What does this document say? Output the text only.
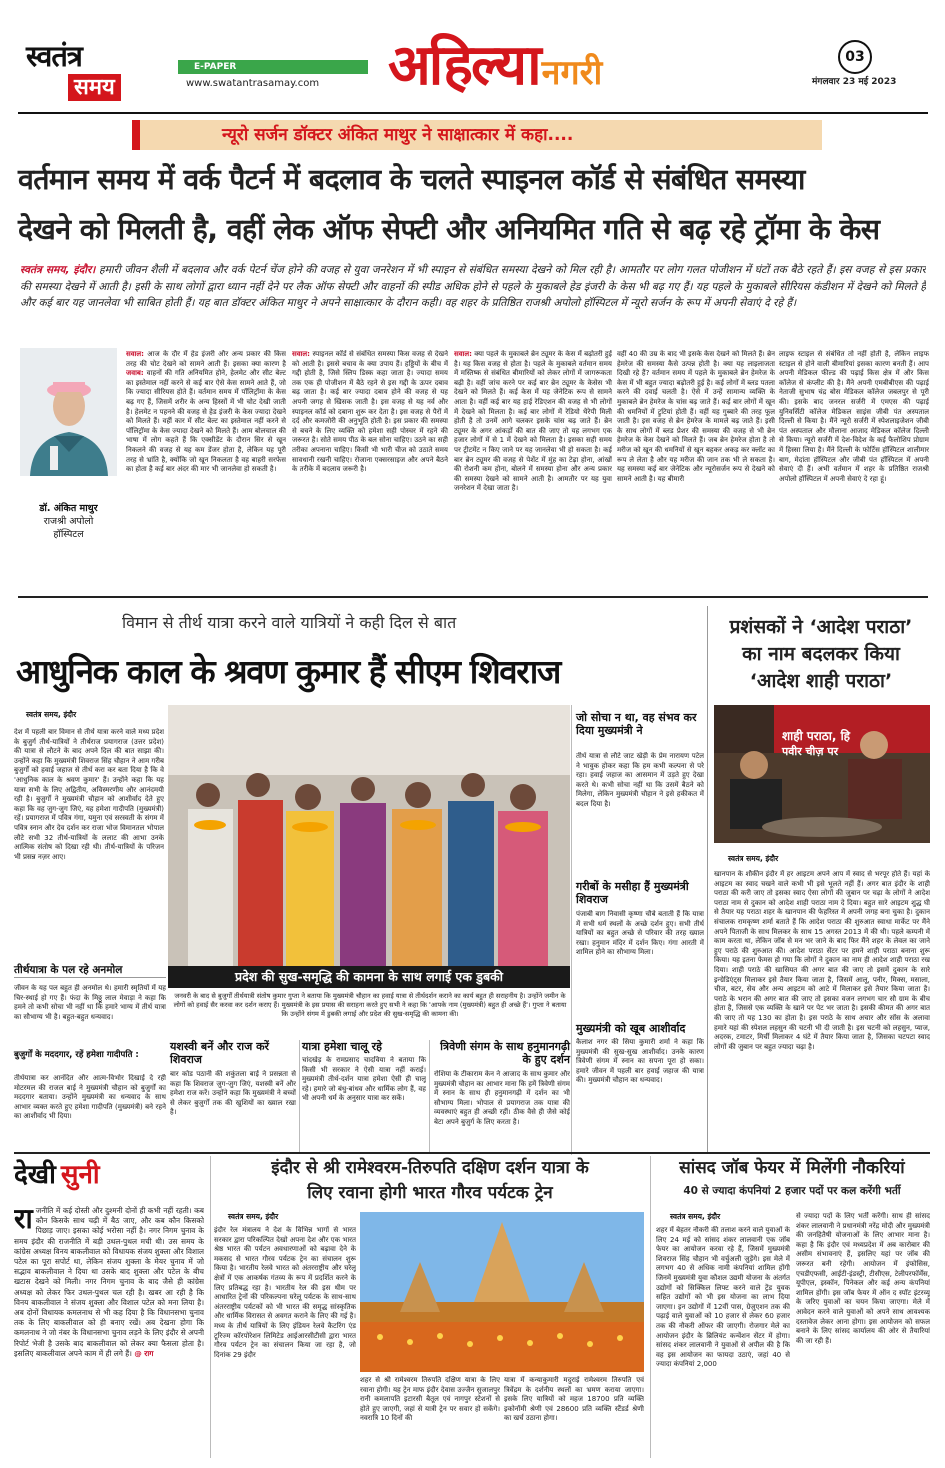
स्वतंत्र
समय
E-PAPER
www.swatantrasamay.com अहिल्यानगरी	03
मंगलवार 23 मई 2023
न्यूरो सर्जन डॉक्टर अंकित माथुर ने साक्षात्कार में कहा....
वर्तमान समय में वर्क पैटर्न में बदलाव के चलते स्पाइनल कॉर्ड से संबंधित समस्या
देखने को मिलती है, वहीं लेक ऑफ सेफ्टी और अनियमित गति से बढ़ रहे ट्रॉमा के केस
स्वतंत्र समय, इंदौर। हमारी जीवन शैली में बदलाव और वर्क पेटर्न चेंज होने की वजह से युवा जनरेशन में भी स्पाइन से संबंधित समस्या देखने को मिल रही है। आमतौर पर लोग गलत पोजीशन में घंटों तक बैठे रहते हैं। इस वजह से इस प्रकार की समस्या देखने में आती है। इसी के साथ लोगों द्वारा ध्यान नहीं देने पर लैक ऑफ सेफ्टी और वाहनों की स्पीड अधिक होने से पहले के मुकाबले हेड इंजरी के केस भी बढ़ गए हैं। यह पहले के मुकाबले सीरियस कंडीशन में देखने को मिलते हैं और कई बार यह जानलेवा भी साबित होती हैं। यह बात डॉक्टर अंकित माथुर ने अपने साक्षात्कार के दौरान कही। वह शहर के प्रतिष्ठित राजश्री अपोलो हॉस्पिटल में न्यूरो सर्जन के रूप में अपनी सेवाएं दे रहे हैं।
डॉ. अंकित माथुर
राजश्री अपोलो
हॉस्पिटल
सवाल: आज के दौर में हेड इंजरी और अन्य प्रकार की किस तरह की चोट देखने को सामने आती हैं। इसका क्या कारण है जवाब: वाहनों की गति अनियमित होने, हेलमेट और सीट बेल्ट का इस्तेमाल नहीं करने से कई बार ऐसे केस सामने आते हैं, जो कि ज्यादा सीरियस होते हैं। वर्तमान समय में पॉलिट्रॉमा के केस बढ़ गए हैं, जिसमें शरीर के अन्य हिस्सों में भी चोट देखी जाती है। हेलमेट न पहनने की वजह से हेड इंजरी के केस ज्यादा देखने को मिलते हैं। वहीं कार में सीट बेल्ट का इस्तेमाल नहीं करने से पॉलिट्रॉमा के केस ज्यादा देखने को मिलते हैं। आम बोलचाल की भाषा में लोग कहते हैं कि एक्सीडेंट के दौरान सिर से खून निकलने की वजह से यह कम डेंजर होता है, लेकिन यह पूरी तरह से भ्रांति है, क्योंकि जो खून निकलता है वह बाहरी सरफेस का होता है कई बार अंदर की मार भी जानलेवा हो सकती है।
सवाल: स्पाइनल कॉर्ड से संबंधित समस्या किस वजह से देखने को आती है। इससे बचाव के क्या उपाय हैं। हड्डियों के बीच में गद्दी होती है, जिसे स्लिप डिस्क कहा जाता है। ज्यादा समय तक एक ही पोजीशन में बैठे रहने से इस गद्दी के ऊपर दबाव बढ़ जाता है। कई बार ज्यादा दबाव होने की वजह से यह अपनी जगह से खिसक जाती है। इस वजह से यह नर्व और स्पाइनल कॉर्ड को दबाना शुरू कर देता है। इस वजह से पैरों में दर्द और कमजोरी की अनुभूति होती है। इस प्रकार की समस्या से बचने के लिए व्यक्ति को हमेशा सही पोस्चर में रहने की जरूरत है। सोते समय पीठ के बल सोना चाहिए। उठने का सही तरीका अपनाना चाहिए। किसी भी भारी चीज को उठाते समय सावधानी रखनी चाहिए। रोजाना एक्सरसाइज और अपने बैठने के तरीके में बदलाव जरूरी है।
सवाल: क्या पहले के मुकाबले ब्रेन ट्यूमर के केस में बढ़ोतरी हुई है। यह किस वजह से होता है। पहले के मुकाबले वर्तमान समय में मस्तिष्क से संबंधित बीमारियों को लेकर लोगों में जागरूकता बढ़ी है। वहीं जांच करने पर कई बार ब्रेन ट्यूमर के केसेस भी देखने को मिलते हैं। कई केस में यह जेनेटिक रूप से सामने आता है। वहीं कई बार यह हाई रेडिएशन की वजह से भी लोगों में देखने को मिलता है। कई बार लोगों में रेडियो थैरेपी मिली होती है तो उनमें आगे चलकर इसके चांस बढ़ जाते हैं। ब्रेन ट्यूमर के अगर आंकड़ों की बात की जाए तो यह लगभग एक हजार लोगों में से 1 में देखने को मिलता है। इसका सही समय पर ट्रीटमेंट न किए जाने पर यह जानलेवा भी हो सकता है। कई बार ब्रेन ट्यूमर की वजह से पेशेंट में मुंह का टेढ़ा होना, आंखों की रोशनी कम होना, बोलने में समस्या होना और अन्य प्रकार की समस्या देखने को सामने आती है। आमतौर पर यह युवा जनरेशन में देखा जाता है।
वहीं 40 की उम्र के बाद भी इसके केस देखने को मिलते हैं। ब्रेन हेमरेज की समस्या कैसे उत्पन्न होती है। क्या यह लाइलाजता दिखी रहे हैं? वर्तमान समय में पहले के मुकाबले ब्रेन हेमरेज के केस में भी बहुत ज्यादा बढ़ोतरी हुई है। कई लोगों में ब्लड पतला करने की दवाई चलती है। ऐसे में उन्हें सामान्य व्यक्ति के मुकाबले ब्रेन हेमरेज के चांस बढ़ जाते हैं। कई बार लोगों में खून की धमनियों में ट्रुटियां होती हैं। वहीं यह गुब्बारे की तरह फूल जाती है। इस वजह से ब्रेन हेमरेज के मामले बढ़ जाते हैं। इसी के साथ लोगों में ब्लड प्रेशर की समस्या की वजह से भी ब्रेन हेमरेज के केस देखने को मिलते हैं। जब ब्रेन हेमरेज होता है तो मरीज को खून की धमनियों से खून बहकर अकड़ कर क्लॉट का रूप ले लेता है और यह मरीज की जान तक भी ले सकता है। यह समस्या कई बार जेनेटिक और न्यूरोसर्जन रूप से देखने को सामने आती है। यह बीमारी
लाइफ स्टाइल से संबंधित तो नहीं होती है, लेकिन लाइफ स्टाइल से होने वाली बीमारियां इसका कारण बनती हैं। आप अपनी मेडिकल फील्ड की पढ़ाई किस क्षेत्र में और किस कॉलेज से कंप्लीट की है। मैंने अपनी एमबीबीएस की पढ़ाई नेताजी सुभाष चंद्र बोस मेडिकल कॉलेज जबलपुर से पूरी की। इसके बाद जनरल सर्जरी में एमएस की पढ़ाई युनिवर्सिटी कॉलेज मेडिकल साइंस जीबी पंत अस्पताल दिल्ली से किया है। मैंने न्यूरो सर्जरी में स्पेशलाइजेशन जीबी पंत अस्पताल और मौलाना आजाद मेडिकल कॉलेज दिल्ली से किया। न्यूरो सर्जरी में देश-विदेश के कई फैलोशिप प्रोग्राम में हिस्सा लिया है। मैंने दिल्ली के फोर्टिस हॉस्पिटल शालीमार बाग, मेदांता हॉस्पिटल और जीबी पंत हॉस्पिटल में अपनी सेवाएं दी हैं। अभी वर्तमान में शहर के प्रतिष्ठित राजश्री अपोलो हॉस्पिटल में अपनी सेवाएं दे रहा हूं।
विमान से तीर्थ यात्रा करने वाले यात्रियों ने कही दिल से बात
आधुनिक काल के श्रवण कुमार हैं सीएम शिवराज
स्वतंत्र समय, इंदौर
देश में पहली बार विमान से तीर्थ यात्रा करने वाले मध्य प्रदेश के बुजुर्ग तीर्थ-यात्रियों ने तीर्थराज प्रयागराज (उत्तर प्रदेश) की यात्रा से लौटने के बाद अपने दिल की बात साझा की। उन्होंने कहा कि मुख्यमंत्री शिवराज सिंह चौहान ने आम गरीब बुजुर्गों को हवाई जहाज से तीर्थ करा कर बता दिया है कि वे 'आधुनिक काल के श्रवण कुमार' हैं। उन्होंने कहा कि यह यात्रा सभी के लिए अद्वितीय, अविस्मरणीय और आनंदमयी रही है। बुजुर्गों ने मुख्यमंत्री चौहान को आशीर्वाद देते हुए कहा कि वह जुग-जुग जिएं, यह हमेशा गादीपति (मुख्यमंत्री) रहें। प्रयागराज में पवित्र गंगा, यमुना एवं सरस्वती के संगम में पवित्र स्नान और देव दर्शन कर राजा भोज विमानतल भोपाल लौटे सभी 32 तीर्थ-यात्रियों के ललाट की आभा उनके आत्मिक संतोष को दिखा रही थी। तीर्थ-यात्रियों के परिजन भी प्रसन्न नज़र आए।
तीर्थयात्रा के पल रहे अनमोल
जीवन के यह पल बहुत ही अनमोल थे। हमारी स्मृतियों में यह चिर-स्थाई हो गए हैं। फंदा के मिठ्ठू लाल मेवाड़ा ने कहा कि हमने तो कभी सोचा भी नहीं था कि हमारे भाग्य में तीर्थ यात्रा का सौभाग्य भी है। बहुत-बहुत धन्यवाद।
बुजुर्गों के मददगार, रहें हमेशा गादीपति :
तीर्थयात्रा कर आनंदित और आत्म-विभोर दिखाई दे रही मोटरमल की राजल बाई ने मुख्यमंत्री चौहान को बुजुर्गों का मददगार बताया। उन्होंने मुख्यमंत्री का धन्यवाद के साथ आभार व्यक्त करते हुए हमेशा गादीपति (मुख्यमंत्री) बने रहने का आशीर्वाद भी दिया।
प्रदेश की सुख-समृद्धि की कामना के साथ लगाई एक डुबकी
जनवरी के बाद से बुजुर्गों तीर्थयात्री संतोष कुमार गुप्ता ने बताया कि मुख्यमंत्री चौहान का हवाई यात्रा से तीर्थदर्शन कराने का कार्य बहुत ही सराहनीय है। उन्होंने जमीन के लोगों को हवाई सैर करवा कर दर्शन कराए हैं। मुख्यमंत्री के इस प्रयास की सराहना करते हुए सभी ने कहा कि 'आपके नाम (मुख्यमंत्री) बहुत ही अच्छे हैं'। गुप्ता ने बताया कि उन्होंने संगम में डुबकी लगाई और प्रदेश की सुख-समृद्धि की कामना की।
यशस्वी बनें और राज करें शिवराज
बार कोड पठानी की शकुंतला बाई ने प्रसन्नता से कहा कि शिवराज जुग-जुग जिएं, यशस्वी बनें और हमेशा राज करें। उन्होंने कहा कि मुख्यमंत्री ने बच्चों से लेकर बुजुर्गों तक की खुशियों का ख्याल रखा है।
यात्रा हमेशा चालू रहे
चांदखेड़ के रामप्रसाद चादविया ने बताया कि किसी भी सरकार ने ऐसी यात्रा नहीं कराई। मुख्यमंत्री तीर्थ-दर्शन यात्रा हमेशा ऐसी ही चालू रहे। हमारे जो बंधु-बांधव और धार्मिक लोग हैं, वह भी अपनी धर्म के अनुसार यात्रा कर सकें।
त्रिवेणी संगम के साथ हनुमानगढ़ी के हुए दर्शन
रोशिया के टीकाराम केन ने आजाद के साथ कुमार और मुख्यमंत्री चौहान का आभार माना कि हमें त्रिवेणी संगम में स्नान के साथ ही हनुमानगढ़ी में दर्शन का भी सौभाग्य मिला। भोपाल से प्रयागराज तक यात्रा की व्यवस्थाएं बहुत ही अच्छी रहीं। ठीक वैसे ही जैसे कोई बेटा अपने बुजुर्ग के लिए करता है।
जो सोचा न था, वह संभव कर दिया मुख्यमंत्री ने
तीर्थ यात्रा से लौटे जाट खेड़ी के प्रेम नारायण पटेल ने भावुक होकर कहा कि हम कभी कल्पना से परे रहा। हवाई जहाज का आसमान में उड़ते हुए देखा करते थे। कभी सोचा नहीं था कि उसमें बैठने को मिलेगा, लेकिन मुख्यमंत्री चौहान ने इसे हकीकत में बदल दिया है।
गरीबों के मसीहा हैं मुख्यमंत्री शिवराज
पंजाबी बाग निवासी कृष्णा चौबे बताती हैं कि यात्रा में सभी धर्म स्थलों के अच्छे दर्शन हुए। सभी तीर्थ यात्रियों का बहुत अच्छे से परिवार की तरह ख्याल रखा। हनुमान मंदिर में दर्शन किए। गंगा आरती में शामिल होने का सौभाग्य मिला।
मुख्यमंत्री को खूब आशीर्वाद
कैलाश नगर की सिया कुमारी शर्मा ने कहा कि मुख्यमंत्री की सुख-सुख आशीर्वाद। उनके कारण त्रिवेणी संगम में स्नान का सपना पूरा हो सका। हमारे जीवन में पहली बार हवाई जहाज की यात्रा की। मुख्यमंत्री चौहान का धन्यवाद।
प्रशंसकों ने ‘आदेश पराठा’
का नाम बदलकर किया
‘आदेश शाही पराठा’
शाही पराठा, हि
पवीर चीज़ पर
स्वतंत्र समय, इंदौर
खानपान के शौकीन इंदौर में हर आइटम अपने आप में स्वाद से भरपूर होते हैं। यहां के आइटम का स्वाद चखने वाले कभी भी इसे भूलते नहीं हैं। अगर बात इंदौर के शाही पराठा की करी जाए तो इसका स्वाद ऐसा लोगों की जुबान पर चढ़ा के लोगों ने आदेश पराठा नाम से दुकान को आदेश शाही पराठा नाम दे दिया। बहुत सारे आइटम शुद्ध घी से तैयार यह पराठा शहर के खानपान की फेहरिस्त में अपनी जगह बना चुका है। दुकान संचालक रामकृष्ण शर्मा बताते हैं कि आदेश पराठा की शुरुआत स्वाधा मार्केट पर मैंने अपने पिताजी के साथ मिलकर के साथ 15 अगस्त 2013 में की थी। पहले कम्पनी में काम करता था, लेकिन जॉब से मन भर जाने के बाद फिर मैंने शहर के लेवल का जाने हुए पराठे की शुरुआत की। आदेश पराठा सेंटर पर हमने शाही पराठा बनाना शुरू किया। यह इतना फेमस हो गया कि लोगों ने दुकान का नाम ही आदेश शाही पराठा रख दिया। शाही पराठे की खासियत की अगर बात की जाए तो इसमें दुकान के सारे इन्ग्रेडिएंट्स मिलाकर इसे तैयार किया जाता है, जिसमें आलू, पनीर, मिक्स, मसाला, चीज, बटर, सेव और अन्य आइटम को आटे में मिलाकर इसे तैयार किया जाता है। पराठे के भरान की अगर बात की जाए तो इसका वजन लगभग चार सौ ग्राम के बीच होता है, जिससे एक व्यक्ति के खाने पर पेट भर जाता है। इसकी कीमत की अगर बात की जाए तो यह 130 का होता है। इस पराठे के साथ अचार और सॉस के अलावा हमारे यहां की स्पेशल लहसुन की चटनी भी दी जाती है। इस चटनी को लहसुन, प्याज, अदरक, टमाटर, मिर्ची मिलाकर 4 घंटे में तैयार किया जाता है, जिसका चटपटा स्वाद लोगों की जुबान पर बहुत ज्यादा चढ़ा है।
देखी सुनी
राजनीति में कई दोस्ती और दुश्मनी दोनों ही कभी नहीं रहती। कब कौन किसके साथ चढ़ी में बैठ जाए, और कब कौन किसको पिछाड़ जाए। इसका कोई भरोसा नहीं है। नगर निगम चुनाव के समय इंदौर की राजनीति में बड़ी उथल-पुथल मची थी। उस समय के कांग्रेस अध्यक्ष विनय बाकलीवाल को विधायक संजय शुक्ला और विशाल पटेल का पूरा सपोर्ट था, लेकिन संजय शुक्ला के मेयर चुनाव में जो सद्भाव बाकलीवाल ने दिया था उसके बाद शुक्ला और पटेल के बीच खटास देखने को मिली। नगर निगम चुनाव के बाद जैसे ही कांग्रेस अध्यक्ष को लेकर फिर उथल-पुथल चल रही है। खबर आ रही है कि विनय बाकलीवाल ने संजय शुक्ला और विशाल पटेल को मना लिया है। अब दोनों विधायक कमलनाथ से भी कह दिया है कि विधानसभा चुनाव तक के लिए बाकलीवाल को ही बनाए रखें। अब देखना होगा कि कमलनाथ ने जो नंबर के विधानसभा चुनाव लड़ने के लिए इंदौर से अपनी रिपोर्ट भेजी है उसके बाद बाकलीवाल को लेकर क्या फैसला होता है। इसलिए बाकलीवाल अपने काम में ही लगे हैं। @ राग
इंदौर से श्री रामेश्वरम-तिरुपति दक्षिण दर्शन यात्रा के
लिए रवाना होगी भारत गौरव पर्यटक ट्रेन
स्वतंत्र समय, इंदौर
इंदौर रेल मंत्रालय ने देश के विभिन्न भागों से भारत सरकार द्वारा परिकल्पित देखो अपना देश और एक भारत श्रेष्ठ भारत की पर्यटन अवधारणाओं को बढ़ावा देने के मकसद से भारत गौरव पर्यटक ट्रेन का संचालन शुरू किया है। भारतीय रेलवे भारत को अंतरराष्ट्रीय और घरेलू क्षेत्रों में एक आकर्षक गंतव्य के रूप में प्रदर्शित करने के लिए प्रतिबद्ध रहा है। भारतीय रेल की इस थीम पर आधारित ट्रेनों की परिकल्पना घरेलू पर्यटक के साथ-साथ अंतरराष्ट्रीय पर्यटकों को भी भारत की समृद्ध सांस्कृतिक और धार्मिक विरासत से अवगत कराने के लिए की गई है। मध्य के तीर्थ यात्रियों के लिए इंडियन रेलवे कैटरिंग एंड टूरिज्म कॉरपोरेशन लिमिटेड आईआरसीटीसी द्वारा भारत गौरव पर्यटन ट्रेन का संचालन किया जा रहा है, जो दिनांक 29 इंदौर
शहर से श्री रामेश्वरम तिरुपति दक्षिण यात्रा के लिए रवाना होगी। यह ट्रेन माफ इंदौर देवास उज्जैन सुजालपुर रानी कमलापति इटारसी बैतूल एवं नागपुर स्टेशनों से होते हुए जाएगी, जहां से यात्री ट्रेन पर सवार हो सकेंगे। नवरात्रि 10 दिनों की
यात्रा में कन्याकुमारी मदुराई रामेश्वरम तिरुपति एवं त्रिवेंद्रम के दर्शनीय स्थलों का भ्रमण कराया जाएगा। इसके लिए यात्रियों को महज 18700 प्रति व्यक्ति इकोनॉमी श्रेणी एवं 28600 प्रति व्यक्ति स्टैंडर्ड श्रेणी का खर्च उठाना होगा।
सांसद जॉब फेयर में मिलेंगी नौकरियां
40 से ज्यादा कंपनियां 2 हजार पदों पर कल करेंगी भर्ती
स्वतंत्र समय, इंदौर
शहर में बेहतर नौकरी की तलाश करने वाले युवाओं के लिए 24 मई को सांसद शंकर लालवानी एक जॉब फेयर का आयोजन करवा रहे हैं, जिसमें मुख्यमंत्री शिवराज सिंह चौहान भी वर्चुअली जुड़ेंगे। इस मेले में लगभग 40 से अधिक नामी कंपनियां शामिल होंगी जिनमें मुख्यमंत्री युवा कौशल उद्यमी योजना के अंतर्गत उद्योगों को सिक्किल लिफ्ट करने वाले ट्रेंड युवक सहित उद्योगों को भी इस योजना का लाभ दिया जाएगा। इन उद्योगों में 12वीं पास, ग्रेजुएशन तक की पढ़ाई वाले युवाओं को 10 हजार से लेकर 60 हजार तक की नौकरी ऑफर की जाएगी। रोजगार मेले का आयोजन इंदौर के ब्रिलियंट कन्वेंशन सेंटर में होगा। सांसद शंकर लालवानी ने युवाओं से अपील की है कि वह इस आयोजन का फायदा उठाएं, जहां 40 से ज्यादा कंपनियां 2,000
से ज्यादा पदों के लिए भर्ती करेंगी। साथ ही सांसद शंकर लालवानी ने प्रधानमंत्री नरेंद्र मोदी और मुख्यमंत्री की जनहितैषी योजनाओं के लिए आभार माना है। कहा है कि इंदौर एवं मध्यप्रदेश में अब कारोबार की असीम संभावनाएं हैं, इसलिए यहां पर जॉब की जरूरत बनी रहेगी। आयोजन में इंफोसिस, एचडीएफसी, आईटी-इंडस्ट्री, टीसीएस, टेलीपरफॉर्मेंस, यूपीएल, इस्कॉन, पिनेकल और कई अन्य कंपनियां शामिल होंगी। इस जॉब फेयर में ऑन द स्पॉट इंटरव्यू के जरिए युवाओं का चयन किया जाएगा। मेले में आवेदन करने वाले युवाओं को अपने साथ आवश्यक दस्तावेज लेकर आना होगा। इस आयोजन को सफल बनाने के लिए सांसद कार्यालय की ओर से तैयारियां की जा रही हैं।
